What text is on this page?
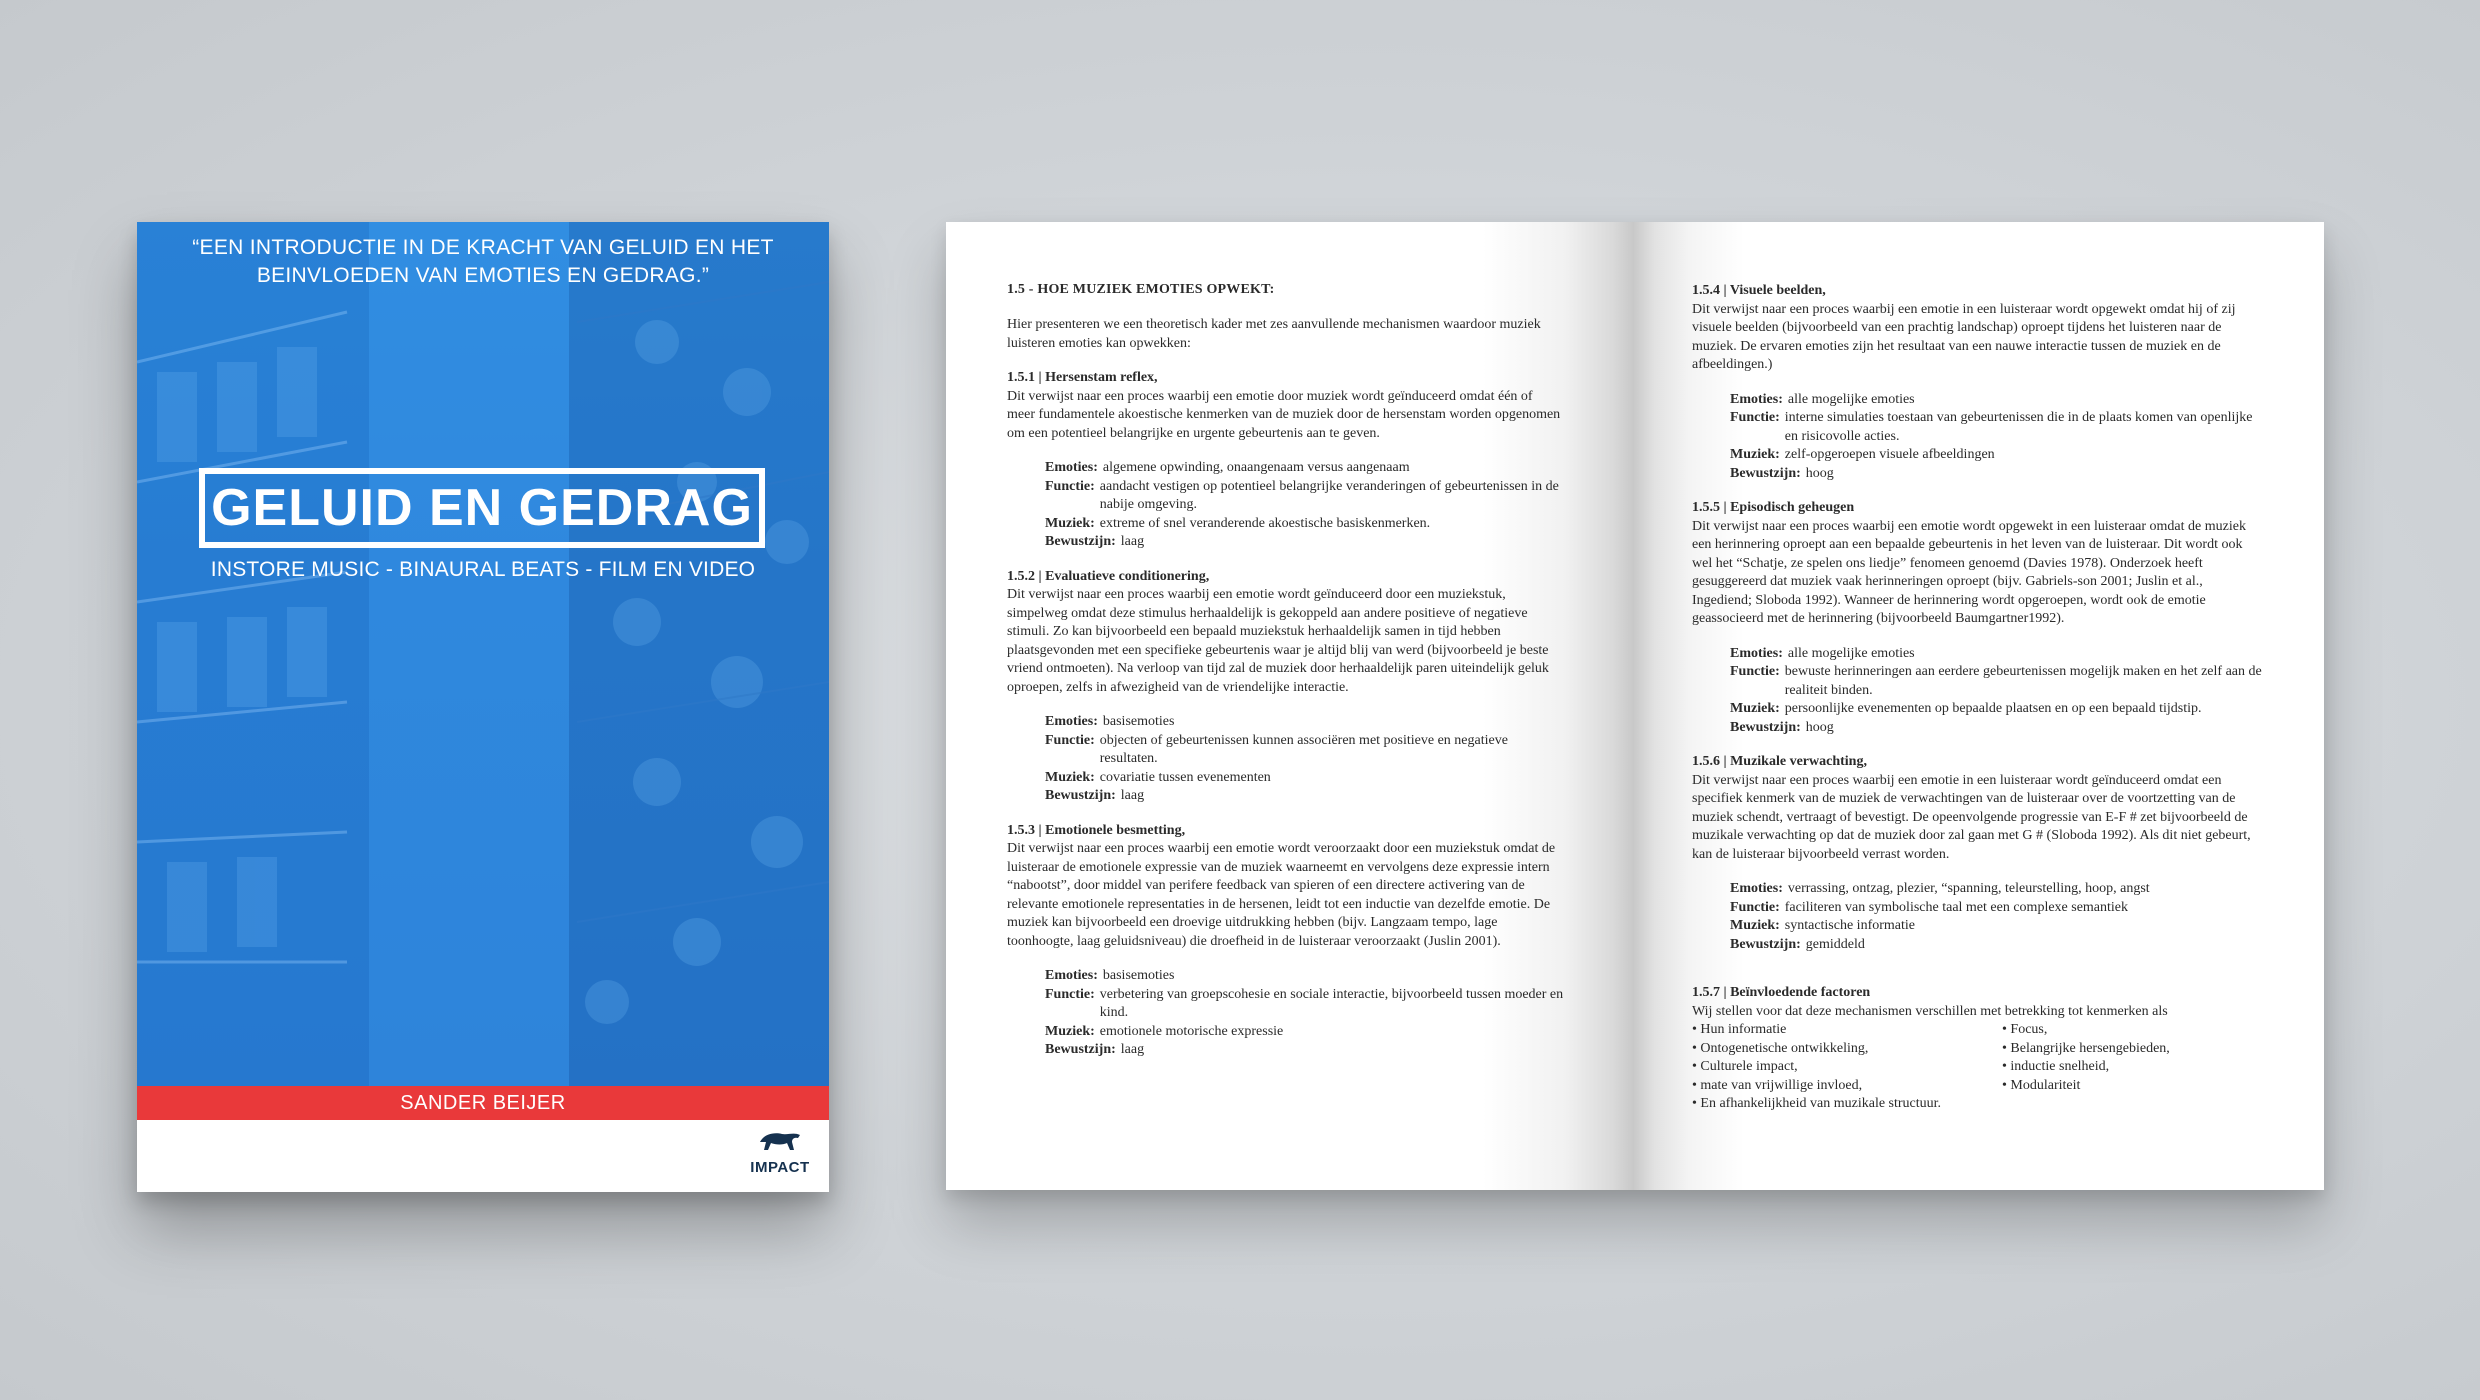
“EEN INTRODUCTIE IN DE KRACHT VAN GELUID EN HET BEINVLOEDEN VAN EMOTIES EN GEDRAG.”
GELUID EN GEDRAG
INSTORE MUSIC - BINAURAL BEATS - FILM EN VIDEO
SANDER BEIJER
IMPACT
1.5 - HOE MUZIEK EMOTIES OPWEKT:

Hier presenteren we een theoretisch kader met zes aanvullende mechanismen waardoor muziek luisteren emoties kan opwekken:

1.5.1 | Hersenstam reflex,

Dit verwijst naar een proces waarbij een emotie door muziek wordt geïnduceerd omdat één of meer fundamentele akoestische kenmerken van de muziek door de hersenstam worden opgenomen om een potentieel belangrijke en urgente gebeurtenis aan te geven.

Emoties: algemene opwinding, onaangenaam versus aangenaam
Functie: aandacht vestigen op potentieel belangrijke veranderingen of gebeurtenissen in de nabije omgeving.
Muziek: extreme of snel veranderende akoestische basiskenmerken.
Bewustzijn: laag
1.5.2 | Evaluatieve conditionering,

Dit verwijst naar een proces waarbij een emotie wordt geïnduceerd door een muziekstuk, simpelweg omdat deze stimulus herhaaldelijk is gekoppeld aan andere positieve of negatieve stimuli. Zo kan bijvoorbeeld een bepaald muziekstuk herhaaldelijk samen in tijd hebben plaatsgevonden met een specifieke gebeurtenis waar je altijd blij van werd (bijvoorbeeld je beste vriend ontmoeten). Na verloop van tijd zal de muziek door herhaaldelijk paren uiteindelijk geluk oproepen, zelfs in afwezigheid van de vriendelijke interactie.

Emoties: basisemoties
Functie: objecten of gebeurtenissen kunnen associëren met positieve en negatieve resultaten.
Muziek: covariatie tussen evenementen
Bewustzijn: laag
1.5.3 | Emotionele besmetting,

Dit verwijst naar een proces waarbij een emotie wordt veroorzaakt door een muziekstuk omdat de luisteraar de emotionele expressie van de muziek waarneemt en vervolgens deze expressie intern “nabootst”, door middel van perifere feedback van spieren of een directere activering van de relevante emotionele representaties in de hersenen, leidt tot een inductie van dezelfde emotie. De muziek kan bijvoorbeeld een droevige uitdrukking hebben (bijv. Langzaam tempo, lage toonhoogte, laag geluidsniveau) die droefheid in de luisteraar veroorzaakt (Juslin 2001).

Emoties: basisemoties
Functie: verbetering van groepscohesie en sociale interactie, bijvoorbeeld tussen moeder en kind.
Muziek: emotionele motorische expressie
Bewustzijn: laag
1.5.4 | Visuele beelden,

Dit verwijst naar een proces waarbij een emotie in een luisteraar wordt opgewekt omdat hij of zij visuele beelden (bijvoorbeeld van een prachtig landschap) oproept tijdens het luisteren naar de muziek. De ervaren emoties zijn het resultaat van een nauwe interactie tussen de muziek en de afbeeldingen.)

Emoties: alle mogelijke emoties
Functie: interne simulaties toestaan van gebeurtenissen die in de plaats komen van openlijke en risicovolle acties.
Muziek: zelf-opgeroepen visuele afbeeldingen
Bewustzijn: hoog
1.5.5 | Episodisch geheugen

Dit verwijst naar een proces waarbij een emotie wordt opgewekt in een luisteraar omdat de muziek een herinnering oproept aan een bepaalde gebeurtenis in het leven van de luisteraar. Dit wordt ook wel het “Schatje, ze spelen ons liedje” fenomeen genoemd (Davies 1978). Onderzoek heeft gesuggereerd dat muziek vaak herinneringen oproept (bijv. Gabriels-son 2001; Juslin et al., Ingediend; Sloboda 1992). Wanneer de herinnering wordt opgeroepen, wordt ook de emotie geassocieerd met de herinnering (bijvoorbeeld Baumgartner1992).

Emoties: alle mogelijke emoties
Functie: bewuste herinneringen aan eerdere gebeurtenissen mogelijk maken en het zelf aan de realiteit binden.
Muziek: persoonlijke evenementen op bepaalde plaatsen en op een bepaald tijdstip.
Bewustzijn: hoog
1.5.6 | Muzikale verwachting,

Dit verwijst naar een proces waarbij een emotie in een luisteraar wordt geïnduceerd omdat een specifiek kenmerk van de muziek de verwachtingen van de luisteraar over de voortzetting van de muziek schendt, vertraagt of bevestigt. De opeenvolgende progressie van E-F # zet bijvoorbeeld de muzikale verwachting op dat de muziek door zal gaan met G # (Sloboda 1992). Als dit niet gebeurt, kan de luisteraar bijvoorbeeld verrast worden.

Emoties: verrassing, ontzag, plezier, “spanning, teleurstelling, hoop, angst
Functie: faciliteren van symbolische taal met een complexe semantiek
Muziek: syntactische informatie
Bewustzijn: gemiddeld
1.5.7 | Beïnvloedende factoren

Wij stellen voor dat deze mechanismen verschillen met betrekking tot kenmerken als

• Hun informatie
• Ontogenetische ontwikkeling,
• Culturele impact,
• mate van vrijwillige invloed,
• En afhankelijkheid van muzikale structuur.
• Focus,
• Belangrijke hersengebieden,
• inductie snelheid,
• Modulariteit
